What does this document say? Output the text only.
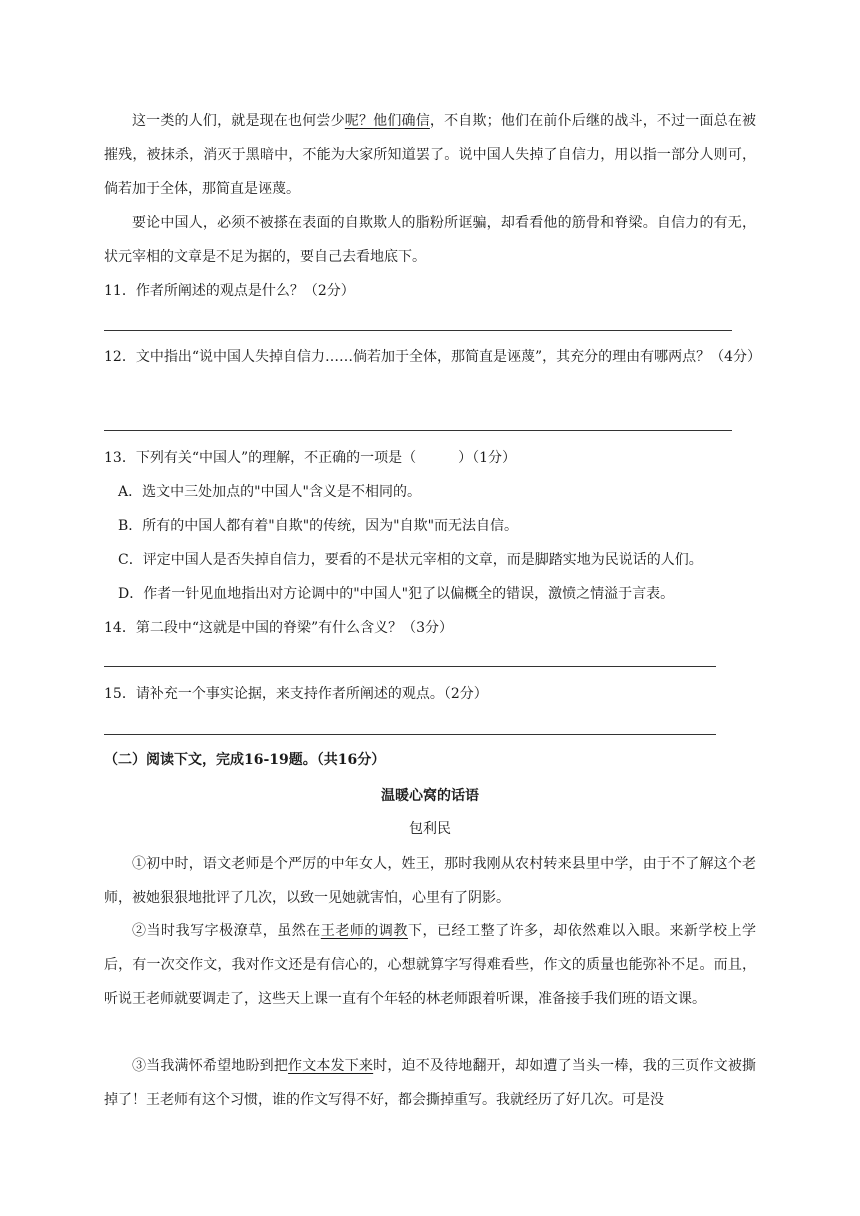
这一类的人们，就是现在也何尝少呢？他们确信，不自欺；他们在前仆后继的战斗，不过一面总在被摧残，被抹杀，消灭于黑暗中，不能为大家所知道罢了。说中国人失掉了自信力，用以指一部分人则可，倘若加于全体，那简直是诬蔑。

要论中国人，必须不被搽在表面的自欺欺人的脂粉所诓骗，却看看他的筋骨和脊梁。自信力的有无，状元宰相的文章是不足为据的，要自己去看地底下。

11．作者所阐述的观点是什么？（2分）

12．文中指出“说中国人失掉自信力……倘若加于全体，那简直是诬蔑”，其充分的理由有哪两点？（4分）

13．下列有关“中国人”的理解，不正确的一项是（　　　）（1分）

A．选文中三处加点的"中国人"含义是不相同的。

B．所有的中国人都有着"自欺"的传统，因为"自欺"而无法自信。

C．评定中国人是否失掉自信力，要看的不是状元宰相的文章，而是脚踏实地为民说话的人们。

D．作者一针见血地指出对方论调中的"中国人"犯了以偏概全的错误，激愤之情溢于言表。

14．第二段中“这就是中国的脊梁”有什么含义？（3分）

15．请补充一个事实论据，来支持作者所阐述的观点。（2分）

（二）阅读下文，完成16-19题。（共16分）

温暖心窝的话语

包利民

①初中时，语文老师是个严厉的中年女人，姓王，那时我刚从农村转来县里中学，由于不了解这个老师，被她狠狠地批评了几次，以致一见她就害怕，心里有了阴影。

②当时我写字极潦草，虽然在王老师的调教下，已经工整了许多，却依然难以入眼。来新学校上学后，有一次交作文，我对作文还是有信心的，心想就算字写得难看些，作文的质量也能弥补不足。而且，听说王老师就要调走了，这些天上课一直有个年轻的林老师跟着听课，准备接手我们班的语文课。

③当我满怀希望地盼到把作文本发下来时，迫不及待地翻开，却如遭了当头一棒，我的三页作文被撕掉了！王老师有这个习惯，谁的作文写得不好，都会撕掉重写。我就经历了好几次。可是没
